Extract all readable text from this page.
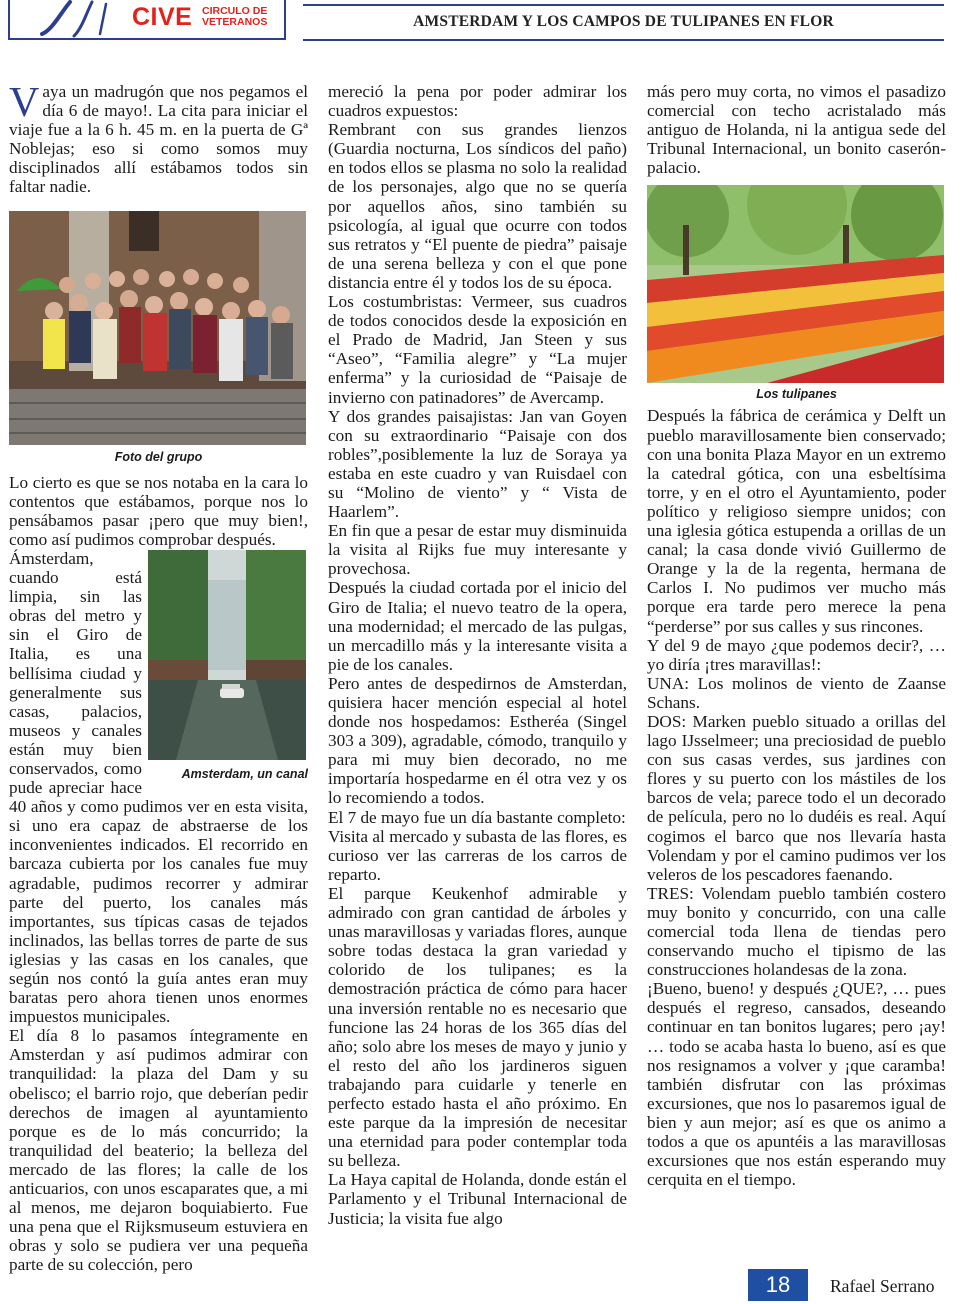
CIVE CIRCULO DE
VETERANOS	AMSTERDAM Y LOS CAMPOS DE TULIPANES EN FLOR

Vaya un madrugón que nos pegamos el día 6 de mayo!. La cita para iniciar el viaje fue a la 6 h. 45 m. en la puerta de Gª Noblejas; eso si como somos muy disciplinados allí estábamos todos sin faltar nadie.

Foto del grupo

Lo cierto es que se nos notaba en la cara lo contentos que estábamos, porque nos lo pensábamos pasar ¡pero que muy bien!, como así pudimos comprobar después.

Amsterdam, un canal
Ámsterdam, cuando está limpia, sin las obras del metro y sin el Giro de Italia, es una bellísima ciudad y generalmente sus casas, palacios, museos y canales están muy bien conservados, como pude apreciar hace 40 años y como pudimos ver en esta visita, si uno era capaz de abstraerse de los inconvenientes indicados. El recorrido en barcaza cubierta por los canales fue muy agradable, pudimos recorrer y admirar parte del puerto, los canales más importantes, sus típicas casas de tejados inclinados, las bellas torres de parte de sus iglesias y las casas en los canales, que según nos contó la guía antes eran muy baratas pero ahora tienen unos enormes impuestos municipales.

El día 8 lo pasamos íntegramente en Amsterdan y así pudimos admirar con tranquilidad: la plaza del Dam y su obelisco; el barrio rojo, que deberían pedir derechos de imagen al ayuntamiento porque es de lo más concurrido; la tranquilidad del beaterio; la belleza del mercado de las flores; la calle de los anticuarios, con unos escaparates que, a mi al menos, me dejaron boquiabierto. Fue una pena que el Rijksmuseum estuviera en obras y solo se pudiera ver una pequeña parte de su colección, pero

mereció la pena por poder admirar los cuadros expuestos:

Rembrant con sus grandes lienzos (Guardia nocturna, Los síndicos del paño) en todos ellos se plasma no solo la realidad de los personajes, algo que no se quería por aquellos años, sino también su psicología, al igual que ocurre con todos sus retratos y “El puente de piedra” paisaje de una serena belleza y con el que pone distancia entre él y todos los de su época.

Los costumbristas: Vermeer, sus cuadros de todos conocidos desde la exposición en el Prado de Madrid, Jan Steen y sus “Aseo”, “Familia alegre” y “La mujer enferma” y la curiosidad de “Paisaje de invierno con patinadores” de Avercamp.

Y dos grandes paisajistas: Jan van Goyen con su extraordinario “Paisaje con dos robles”,posiblemente la luz de Soraya ya estaba en este cuadro y van Ruisdael con su “Molino de viento” y “ Vista de Haarlem”.

En fin que a pesar de estar muy disminuida la visita al Rijks fue muy interesante y provechosa.

Después la ciudad cortada por el inicio del Giro de Italia; el nuevo teatro de la opera, una modernidad; el mercado de las pulgas, un mercadillo más y la interesante visita a pie de los canales.

Pero antes de despedirnos de Amsterdan, quisiera hacer mención especial al hotel donde nos hospedamos: Estheréa (Singel 303 a 309), agradable, cómodo, tranquilo y para mi muy bien decorado, no me importaría hospedarme en él otra vez y os lo recomiendo a todos.

El 7 de mayo fue un día bastante completo:

Visita al mercado y subasta de las flores, es curioso ver las carreras de los carros de reparto.

El parque Keukenhof admirable y admirado con gran cantidad de árboles y unas maravillosas y variadas flores, aunque sobre todas destaca la gran variedad y colorido de los tulipanes; es la demostración práctica de cómo para hacer una inversión rentable no es necesario que funcione las 24 horas de los 365 días del año; solo abre los meses de mayo y junio y el resto del año los jardineros siguen trabajando para cuidarle y tenerle en perfecto estado hasta el año próximo. En este parque da la impresión de necesitar una eternidad para poder contemplar toda su belleza.

La Haya capital de Holanda, donde están el Parlamento y el Tribunal Internacional de Justicia; la visita fue algo

más pero muy corta, no vimos el pasadizo comercial con techo acristalado más antiguo de Holanda, ni la antigua sede del Tribunal Internacional, un bonito caserón-palacio.

Los tulipanes

Después la fábrica de cerámica y Delft un pueblo maravillosamente bien conservado; con una bonita Plaza Mayor en un extremo la catedral gótica, con una esbeltísima torre, y en el otro el Ayuntamiento, poder político y religioso siempre unidos; con una iglesia gótica estupenda a orillas de un canal; la casa donde vivió Guillermo de Orange y la de la regenta, hermana de Carlos I. No pudimos ver mucho más porque era tarde pero merece la pena “perderse” por sus calles y sus rincones.

Y del 9 de mayo ¿que podemos decir?, … yo diría ¡tres maravillas!:

UNA: Los molinos de viento de Zaanse Schans.

DOS: Marken pueblo situado a orillas del lago IJsselmeer; una preciosidad de pueblo con sus casas verdes, sus jardines con flores y su puerto con los mástiles de los barcos de vela; parece todo el un decorado de película, pero no lo dudéis es real. Aquí cogimos el barco que nos llevaría hasta Volendam y por el camino pudimos ver los veleros de los pescadores faenando.

TRES: Volendam pueblo también costero muy bonito y concurrido, con una calle comercial toda llena de tiendas pero conservando mucho el tipismo de las construcciones holandesas de la zona.

¡Bueno, bueno! y después ¿QUE?, … pues después el regreso, cansados, deseando continuar en tan bonitos lugares; pero ¡ay! … todo se acaba hasta lo bueno, así es que nos resignamos a volver y ¡que caramba! también disfrutar con las próximas excursiones, que nos lo pasaremos igual de bien y aun mejor; así es que os animo a todos a que os apuntéis a las maravillosas excursiones que nos están esperando muy cerquita en el tiempo.

18	Rafael Serrano
